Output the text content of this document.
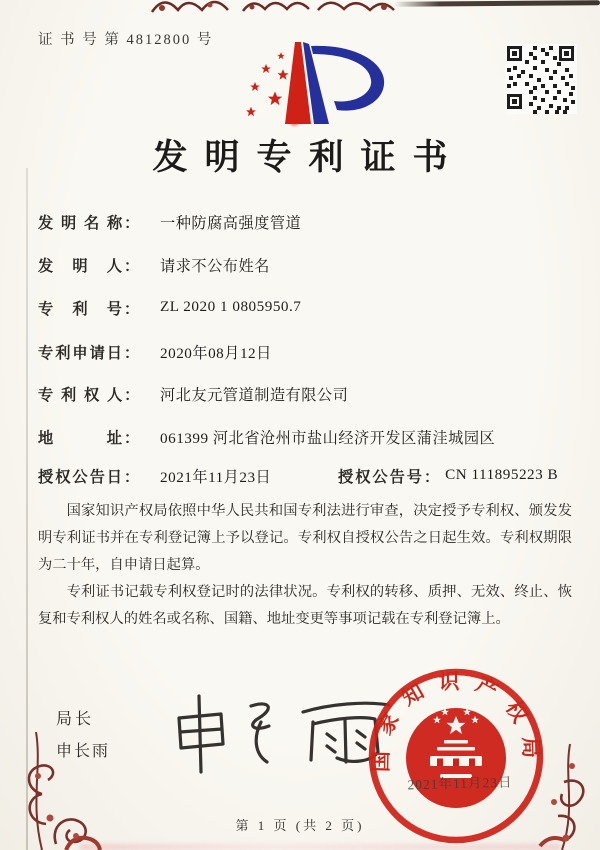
证 书 号 第 4812800 号
发明专利证书
发 明 名 称：	一种防腐高强度管道
发　明　人：	请求不公布姓名
专　利　号：	ZL 2020 1 0805950.7
专利申请日：	2020年08月12日
专 利 权 人：	河北友元管道制造有限公司
地　　　址：	061399 河北省沧州市盐山经济开发区蒲洼城园区
授权公告日：	2021年11月23日	授权公告号： CN 111895223 B

国家知识产权局依照中华人民共和国专利法进行审查，决定授予专利权、颁发发明专利证书并在专利登记簿上予以登记。专利权自授权公告之日起生效。专利权期限为二十年，自申请日起算。

专利证书记载专利权登记时的法律状况。专利权的转移、质押、无效、终止、恢复和专利权人的姓名或名称、国籍、地址变更等事项记载在专利登记簿上。

局长
申长雨	国家知识产权局
2021年11月23日
第 1 页 (共 2 页)
